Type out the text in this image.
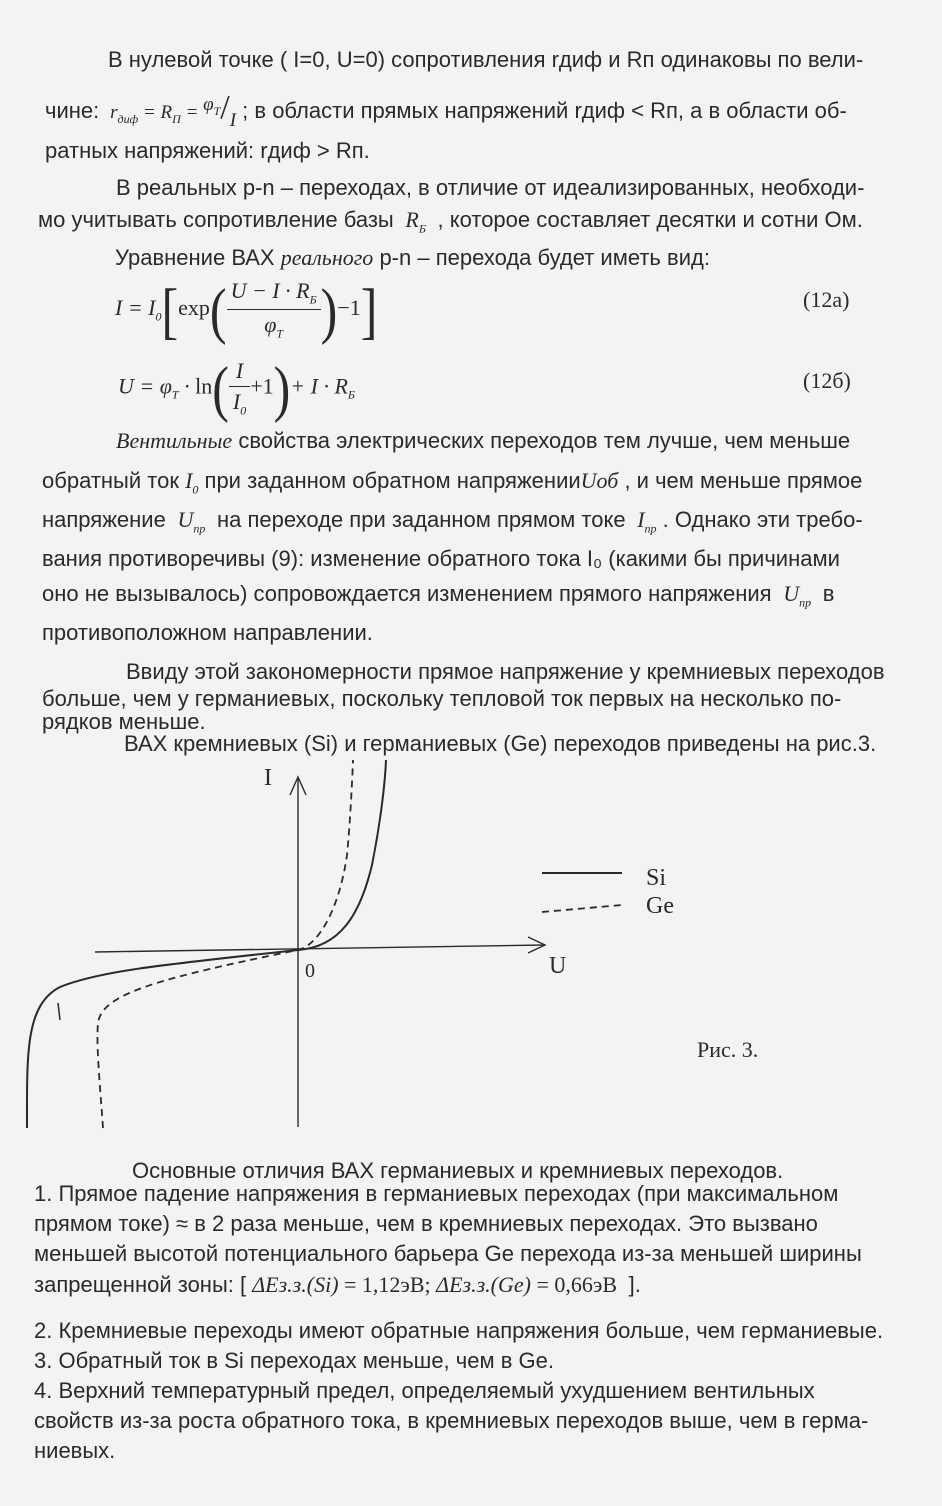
В нулевой точке ( I=0, U=0) сопротивления rдиф и Rп одинаковы по вели-
чине:  $r_{диф} = R_П = \varphi_T/I$ ; в области прямых напряжений rдиф < Rп, а в области об-
ратных напряжений: rдиф > Rп.
В реальных p-n – переходах, в отличие от идеализированных, необходи-
мо учитывать сопротивление базы  $R_Б$ , которое составляет десятки и сотни Ом.
Уравнение ВАХ реального p-n – перехода будет иметь вид:
$I = I_0[\exp( \frac{U - I \cdot R_Б}{\varphi_T} )-1]$	(12а)
$U = \varphi_T \cdot \ln( \frac{I}{I_0} +1)+ I \cdot R_Б$
(12б)
Вентильные свойства электрических переходов тем лучше, чем меньше
обратный ток $I_0$ при заданном обратном напряженииUоб , и чем меньше прямое
напряжение  $U_{пр}$ на переходе при заданном прямом токе  $I_{пр}$ . Однако эти требо-
вания противоречивы (9): изменение обратного тока I₀ (какими бы причинами
оно не вызывалось) сопровождается изменением прямого напряжения  $U_{пр}$ в
противоположном направлении.
Ввиду этой закономерности прямое напряжение у кремниевых переходов
больше, чем у германиевых, поскольку тепловой ток первых на несколько по-
рядков меньше.
ВАХ кремниевых (Si) и германиевых (Ge) переходов приведены на рис.3.
I
U
0
Si
Ge
Рис. 3.
Основные отличия ВАХ германиевых и кремниевых переходов.
1. Прямое падение напряжения в германиевых переходах (при максимальном
прямом токе) ≈ в 2 раза меньше, чем в кремниевых переходах. Это вызвано
меньшей высотой потенциального барьера Ge перехода из-за меньшей ширины
запрещенной зоны: [ ΔEз.з.(Si) = 1,12эВ; ΔEз.з.(Ge) = 0,66эВ ].
2. Кремниевые переходы имеют обратные напряжения больше, чем германиевые.
3. Обратный ток в Si переходах меньше, чем в Ge.
4. Верхний температурный предел, определяемый ухудшением вентильных
свойств из-за роста обратного тока, в кремниевых переходов выше, чем в герма-
ниевых.
